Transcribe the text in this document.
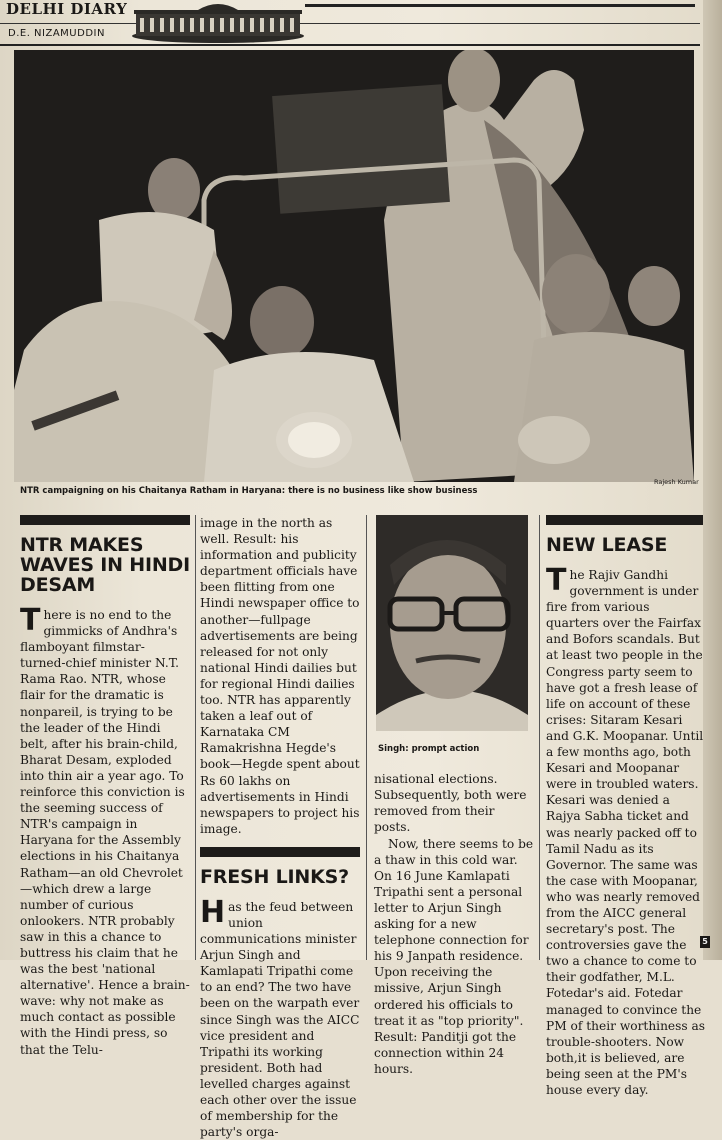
DELHI DIARY
D.E. NIZAMUDDIN
NTR campaigning on his Chaitanya Ratham in Haryana: there is no business like show business
Rajesh Kumar
NTR MAKES WAVES IN HINDI DESAM

There is no end to the gimmicks of Andhra's flamboyant filmstar-turned-chief minister N.T. Rama Rao. NTR, whose flair for the dramatic is nonpareil, is trying to be the leader of the Hindi belt, after his brain-child, Bharat Desam, exploded into thin air a year ago. To reinforce this conviction is the seeming success of NTR's campaign in Haryana for the Assembly elections in his Chaitanya Ratham—an old Chevrolet—which drew a large number of curious onlookers. NTR probably saw in this a chance to buttress his claim that he was the best 'national alternative'. Hence a brain-wave: why not make as much contact as possible with the Hindi press, so that the Telu-

image in the north as well. Result: his information and publicity department officials have been flitting from one Hindi newspaper office to another—fullpage advertisements are being released for not only national Hindi dailies but for regional Hindi dailies too. NTR has apparently taken a leaf out of Karnataka CM Ramakrishna Hegde's book—Hegde spent about Rs 60 lakhs on advertisements in Hindi newspapers to project his image.

FRESH LINKS?

Has the feud between union communications minister Arjun Singh and Kamlapati Tripathi come to an end? The two have been on the warpath ever since Singh was the AICC vice president and Tripathi its working president. Both had levelled charges against each other over the issue of membership for the party's orga-

Singh: prompt action

nisational elections. Subsequently, both were removed from their posts.

Now, there seems to be a thaw in this cold war. On 16 June Kamlapati Tripathi sent a personal letter to Arjun Singh asking for a new telephone connection for his 9 Janpath residence. Upon receiving the missive, Arjun Singh ordered his officials to treat it as "top priority". Result: Panditji got the connection within 24 hours.

NEW LEASE

The Rajiv Gandhi government is under fire from various quarters over the Fairfax and Bofors scandals. But at least two people in the Congress party seem to have got a fresh lease of life on account of these crises: Sitaram Kesari and G.K. Moopanar. Until a few months ago, both Kesari and Moopanar were in troubled waters. Kesari was denied a Rajya Sabha ticket and was nearly packed off to Tamil Nadu as its Governor. The same was the case with Moopanar, who was nearly removed from the AICC general secretary's post. The controversies gave the two a chance to come to their godfather, M.L. Fotedar's aid. Fotedar managed to convince the PM of their worthiness as trouble-shooters. Now both,it is believed, are being seen at the PM's house every day.

5
